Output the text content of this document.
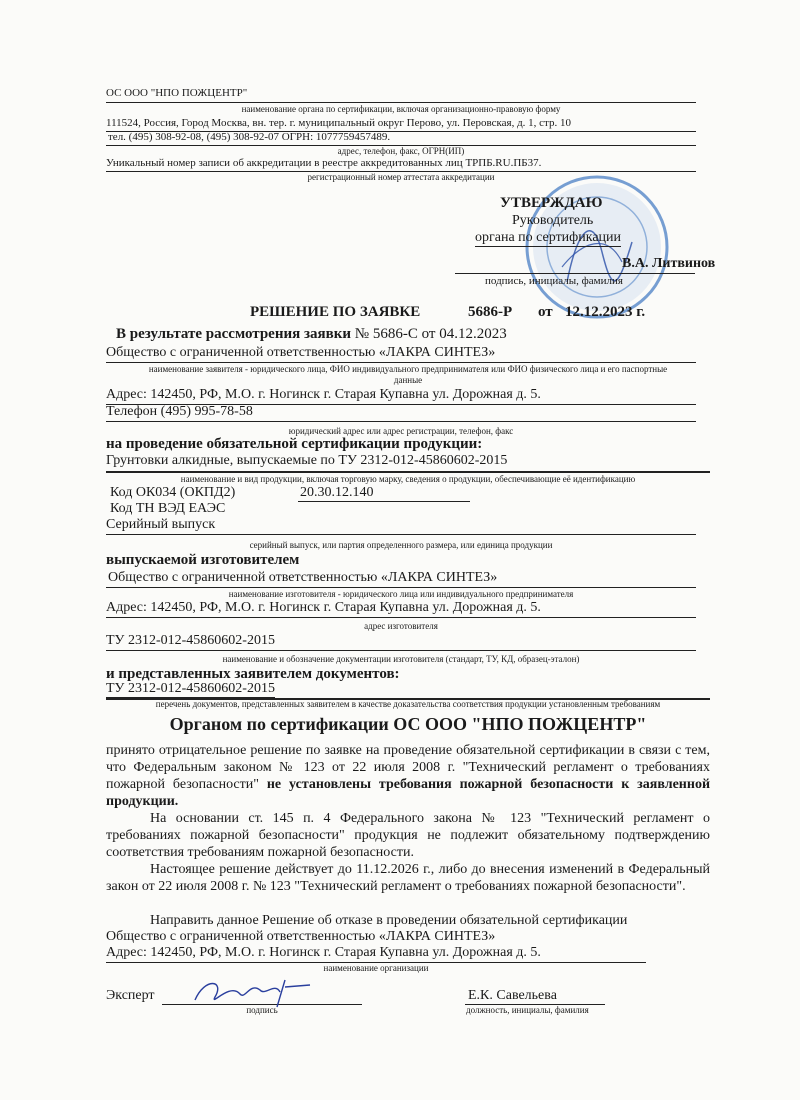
ОС ООО "НПО ПОЖЦЕНТР"
наименование органа по сертификации, включая организационно-правовую форму
111524, Россия, Город Москва, вн. тер. г. муниципальный округ Перово, ул. Перовская, д. 1, стр. 10
тел. (495) 308-92-08, (495) 308-92-07 ОГРН: 1077759457489.
адрес, телефон, факс, ОГРН(ИП)
Уникальный номер записи об аккредитации в реестре аккредитованных лиц ТРПБ.RU.ПБ37.
регистрационный номер аттестата аккредитации
УТВЕРЖДАЮ
Руководитель
органа по сертификации
В.А. Литвинов
подпись, инициалы, фамилия
РЕШЕНИЕ ПО ЗАЯВКЕ	5686-Р от 12.12.2023 г.
В результате рассмотрения заявки № 5686-С от 04.12.2023
Общество с ограниченной ответственностью «ЛАКРА СИНТЕЗ»
наименование заявителя - юридического лица, ФИО индивидуального предпринимателя или ФИО физического лица и его паспортные
данные
Адрес: 142450, РФ, М.О. г. Ногинск г. Старая Купавна ул. Дорожная д. 5.
Телефон (495) 995-78-58
юридический адрес или адрес регистрации, телефон, факс
на проведение обязательной сертификации продукции:
Грунтовки алкидные, выпускаемые по ТУ 2312-012-45860602-2015
наименование и вид продукции, включая торговую марку, сведения о продукции, обеспечивающие её идентификацию
Код ОК034 (ОКПД2)	20.30.12.140
Код ТН ВЭД ЕАЭС
Серийный выпуск
серийный выпуск, или партия определенного размера, или единица продукции
выпускаемой изготовителем
Общество с ограниченной ответственностью «ЛАКРА СИНТЕЗ»
наименование изготовителя - юридического лица или индивидуального предпринимателя
Адрес: 142450, РФ, М.О. г. Ногинск г. Старая Купавна ул. Дорожная д. 5.
адрес изготовителя
ТУ 2312-012-45860602-2015
наименование и обозначение документации изготовителя (стандарт, ТУ, КД, образец-эталон)
и представленных заявителем документов:
ТУ 2312-012-45860602-2015
перечень документов, представленных заявителем в качестве доказательства соответствия продукции установленным требованиям
Органом по сертификации ОС ООО "НПО ПОЖЦЕНТР"
принято отрицательное решение по заявке на проведение обязательной сертификации в связи с тем, что Федеральным законом № 123 от 22 июля 2008 г. "Технический регламент о требованиях пожарной безопасности" не установлены требования пожарной безопасности к заявленной продукции.
На основании ст. 145 п. 4 Федерального закона № 123 "Технический регламент о требованиях пожарной безопасности" продукция не подлежит обязательному подтверждению соответствия требованиям пожарной безопасности.
Настоящее решение действует до 11.12.2026 г., либо до внесения изменений в Федеральный закон от 22 июля 2008 г. № 123 "Технический регламент о требованиях пожарной безопасности".
Направить данное Решение об отказе в проведении обязательной сертификации
Общество с ограниченной ответственностью «ЛАКРА СИНТЕЗ»
Адрес: 142450, РФ, М.О. г. Ногинск г. Старая Купавна ул. Дорожная д. 5.
наименование организации
Эксперт
подпись
Е.К. Савельева
должность, инициалы, фамилия
